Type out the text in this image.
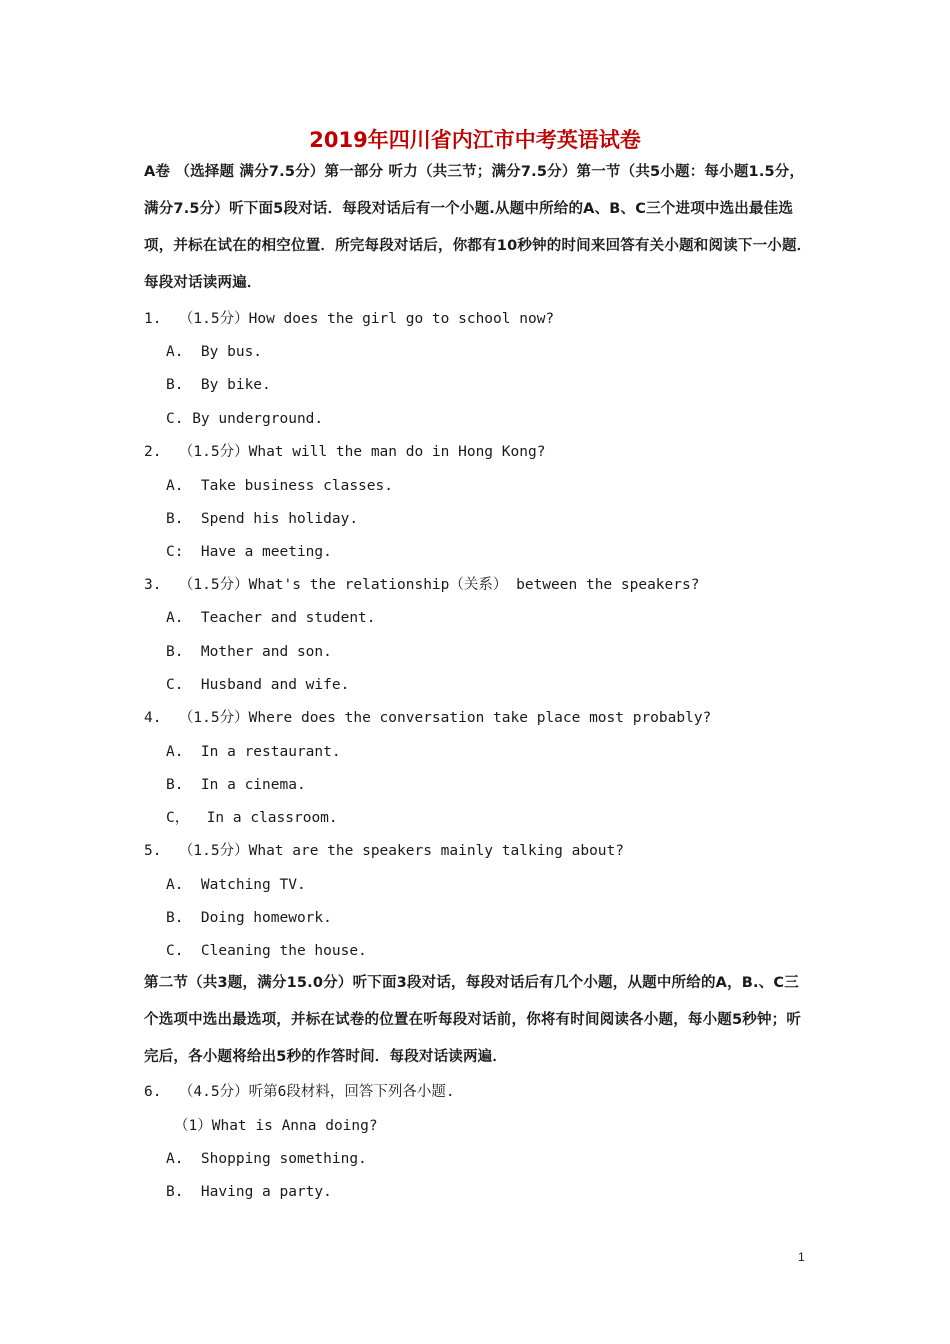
2019年四川省内江市中考英语试卷
A卷 （选择题 满分7.5分）第一部分 听力（共三节；满分7.5分）第一节（共5小题：每小题1.5分，满分7.5分）听下面5段对话．每段对话后有一个小题.从题中所给的A、B、C三个进项中选出最佳选项，并标在试在的相空位置．所完每段对话后，你都有10秒钟的时间来回答有关小题和阅读下一小题．每段对话读两遍．
1.  （1.5分）How does the girl go to school now?
A.  By bus.
B.  By bike.
C. By underground.
2.  （1.5分）What will the man do in Hong Kong?
A.  Take business classes.
B.  Spend his holiday.
C:  Have a meeting.
3.  （1.5分）What's the relationship（关系） between the speakers?
A.  Teacher and student.
B.  Mother and son.
C.  Husband and wife.
4.  （1.5分）Where does the conversation take place most probably?
A.  In a restaurant.
B.  In a cinema.
C，  In a classroom.
5.  （1.5分）What are the speakers mainly talking about?
A.  Watching TV.
B.  Doing homework.
C.  Cleaning the house.
第二节（共3题，满分15.0分）听下面3段对话，每段对话后有几个小题，从题中所给的A，B.、C三个选项中选出最选项，并标在试卷的位置在听每段对话前，你将有时间阅读各小题，每小题5秒钟；听完后，各小题将给出5秒的作答时间．每段对话读两遍．
6.  （4.5分）听第6段材料，回答下列各小题.
（1）What is Anna doing?
A.  Shopping something.
B.  Having a party.
1
